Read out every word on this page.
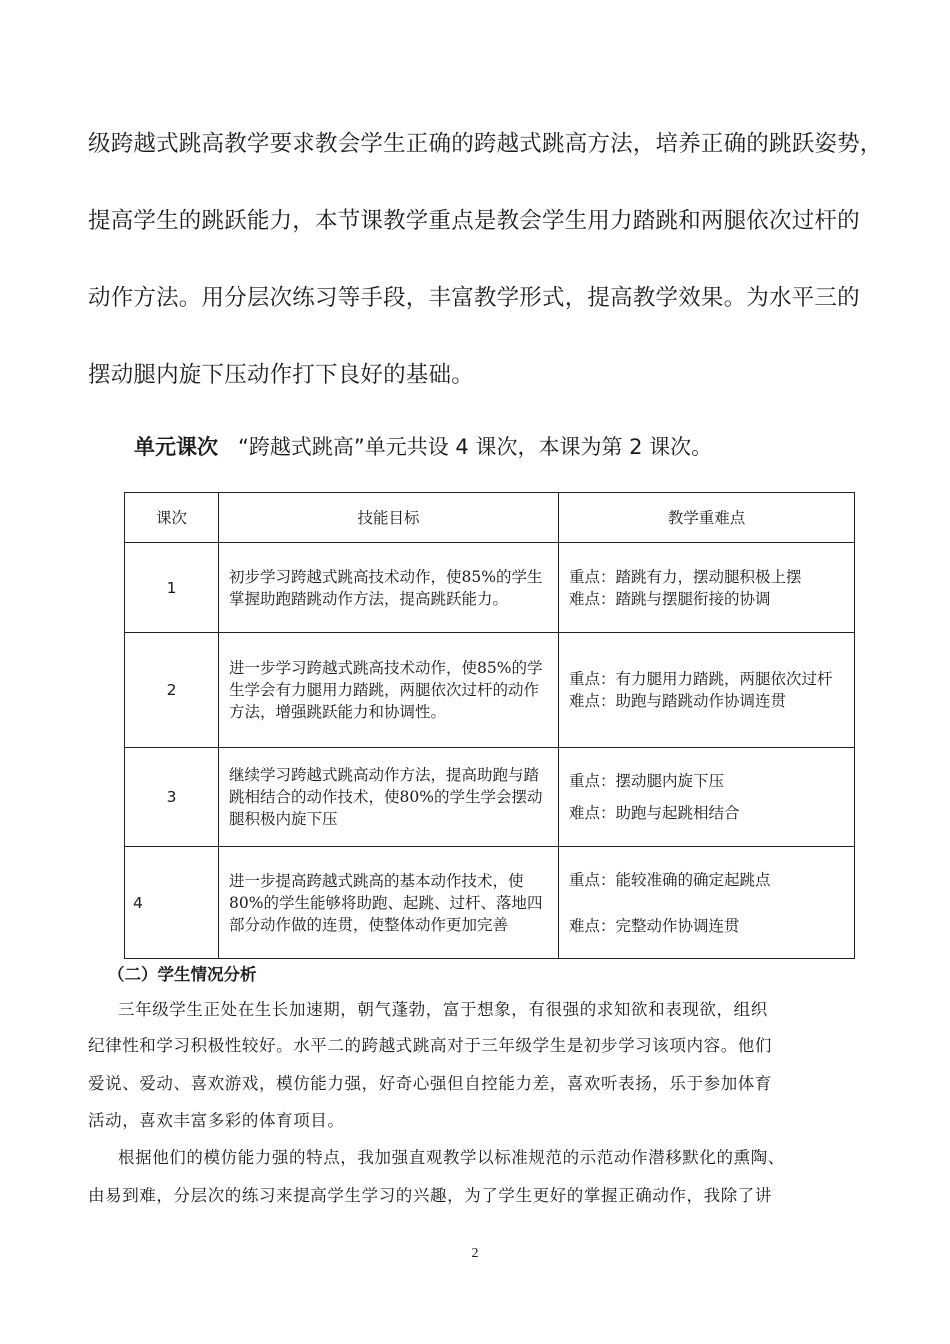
级跨越式跳高教学要求教会学生正确的跨越式跳高方法，培养正确的跳跃姿势，

提高学生的跳跃能力，本节课教学重点是教会学生用力踏跳和两腿依次过杆的

动作方法。用分层次练习等手段，丰富教学形式，提高教学效果。为水平三的

摆动腿内旋下压动作打下良好的基础。

单元课次 “跨越式跳高”单元共设 4 课次，本课为第 2 课次。
课次	技能目标	教学重难点
1	初步学习跨越式跳高技术动作，使85%的学生掌握助跑踏跳动作方法，提高跳跃能力。	重点：踏跳有力，摆动腿积极上摆
难点：踏跳与摆腿衔接的协调

2	进一步学习跨越式跳高技术动作，使85%的学生学会有力腿用力踏跳，两腿依次过杆的动作方法，增强跳跃能力和协调性。	重点：有力腿用力踏跳，两腿依次过杆
难点：助跑与踏跳动作协调连贯

3	继续学习跨越式跳高动作方法，提高助跑与踏跳相结合的动作技术，使80%的学生学会摆动腿积极内旋下压	重点：摆动腿内旋下压
难点：助跑与起跳相结合

4	进一步提高跨越式跳高的基本动作技术，使80%的学生能够将助跑、起跳、过杆、落地四部分动作做的连贯，使整体动作更加完善	重点：能较准确的确定起跳点
难点：完整动作协调连贯
（二）学生情况分析

三年级学生正处在生长加速期，朝气蓬勃，富于想象，有很强的求知欲和表现欲，组织

纪律性和学习积极性较好。水平二的跨越式跳高对于三年级学生是初步学习该项内容。他们

爱说、爱动、喜欢游戏，模仿能力强，好奇心强但自控能力差，喜欢听表扬，乐于参加体育

活动，喜欢丰富多彩的体育项目。

根据他们的模仿能力强的特点，我加强直观教学以标准规范的示范动作潜移默化的熏陶、

由易到难，分层次的练习来提高学生学习的兴趣，为了学生更好的掌握正确动作，我除了讲

2
